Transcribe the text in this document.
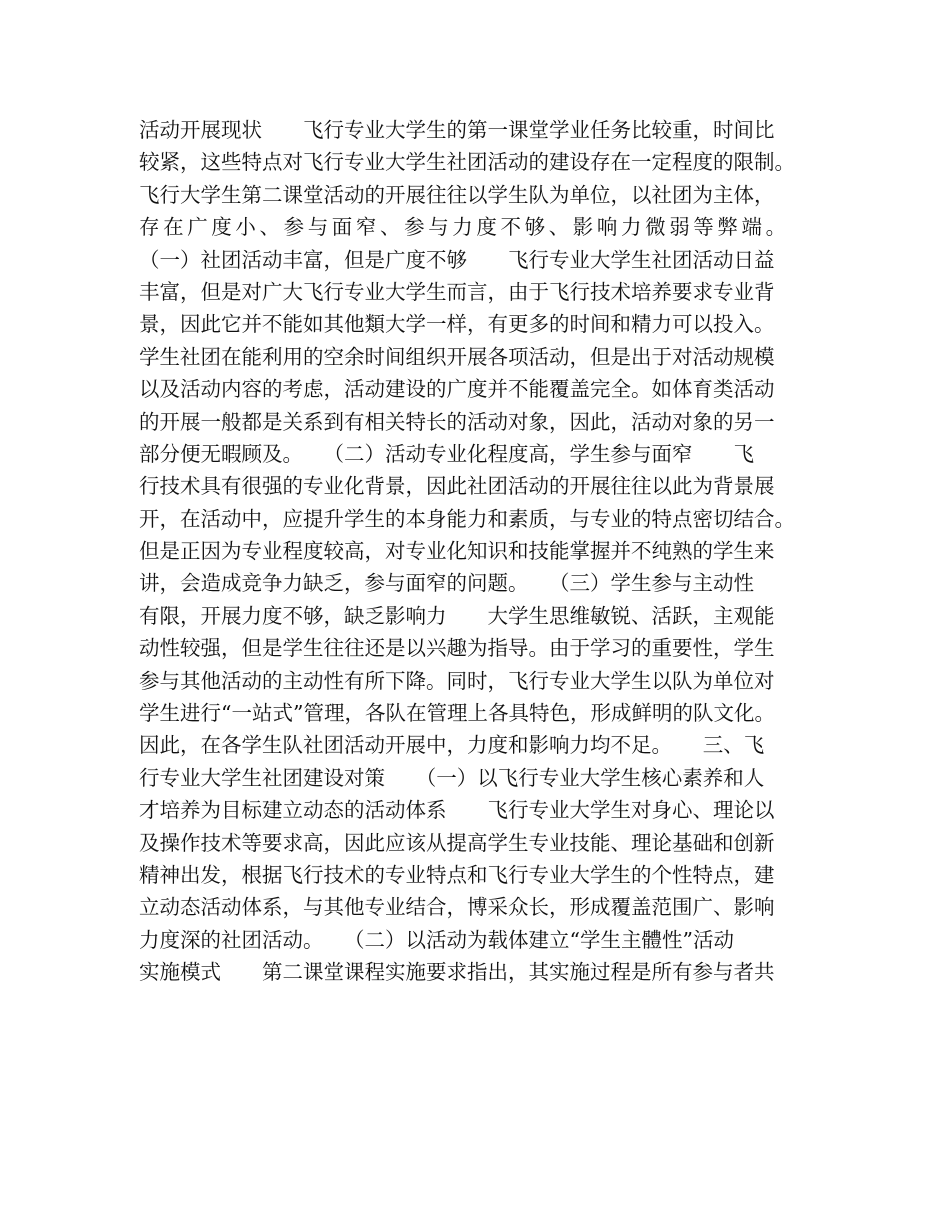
活动开展现状　　飞行专业大学生的第一课堂学业任务比较重，时间比
较紧，这些特点对飞行专业大学生社团活动的建设存在一定程度的限制。
飞行大学生第二课堂活动的开展往往以学生队为单位，以社团为主体，
存在广度小、参与面窄、参与力度不够、影响力微弱等弊端。
（一）社团活动丰富，但是广度不够　　飞行专业大学生社团活动日益
丰富，但是对广大飞行专业大学生而言，由于飞行技术培养要求专业背
景，因此它并不能如其他類大学一样，有更多的时间和精力可以投入。
学生社团在能利用的空余时间组织开展各项活动，但是出于对活动规模
以及活动内容的考虑，活动建设的广度并不能覆盖完全。如体育类活动
的开展一般都是关系到有相关特长的活动对象，因此，活动对象的另一
部分便无暇顾及。　　（二）活动专业化程度高，学生参与面窄　　飞
行技术具有很强的专业化背景，因此社团活动的开展往往以此为背景展
开，在活动中，应提升学生的本身能力和素质，与专业的特点密切结合。
但是正因为专业程度较高，对专业化知识和技能掌握并不纯熟的学生来
讲，会造成竞争力缺乏，参与面窄的问题。　　（三）学生参与主动性
有限，开展力度不够，缺乏影响力　　大学生思维敏锐、活跃，主观能
动性较强，但是学生往往还是以兴趣为指导。由于学习的重要性，学生
参与其他活动的主动性有所下降。同时，飞行专业大学生以队为单位对
学生进行“一站式”管理，各队在管理上各具特色，形成鲜明的队文化。
因此，在各学生队社团活动开展中，力度和影响力均不足。　　三、飞
行专业大学生社团建设对策　　（一）以飞行专业大学生核心素养和人
才培养为目标建立动态的活动体系　　飞行专业大学生对身心、理论以
及操作技术等要求高，因此应该从提高学生专业技能、理论基础和创新
精神出发，根据飞行技术的专业特点和飞行专业大学生的个性特点，建
立动态活动体系，与其他专业结合，博采众长，形成覆盖范围广、影响
力度深的社团活动。　　（二）以活动为载体建立“学生主體性”活动
实施模式　　第二课堂课程实施要求指出，其实施过程是所有参与者共
